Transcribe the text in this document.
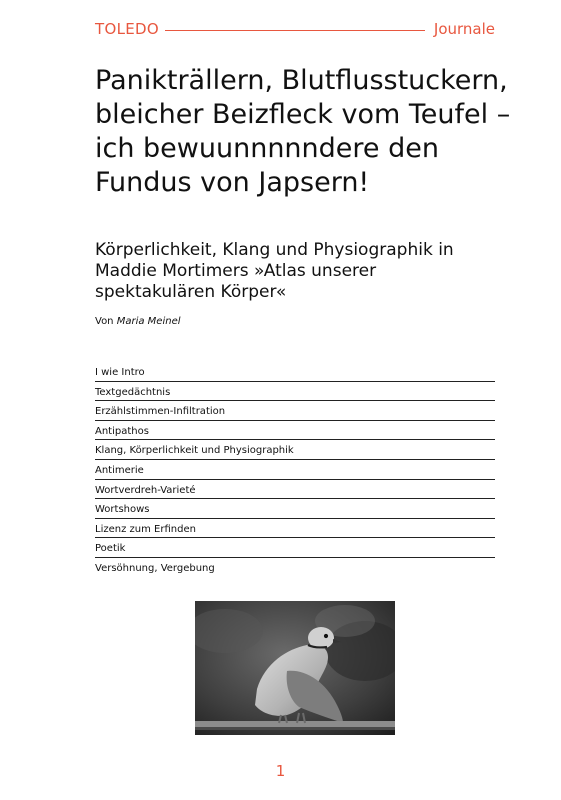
TOLEDO	Journale
Panikträllern, Blutflusstuckern, bleicher Beizfleck vom Teufel – ich bewuunnnnndere den Fundus von Japsern!
Körperlichkeit, Klang und Physiographik in Maddie Mortimers »Atlas unserer spektakulären Körper«
Von Maria Meinel
I wie Intro
Textgedächtnis
Erzählstimmen-Infiltration
Antipathos
Klang, Körperlichkeit und Physiographik
Antimerie
Wortverdreh-Varieté
Wortshows
Lizenz zum Erfinden
Poetik
Versöhnung, Vergebung
1
